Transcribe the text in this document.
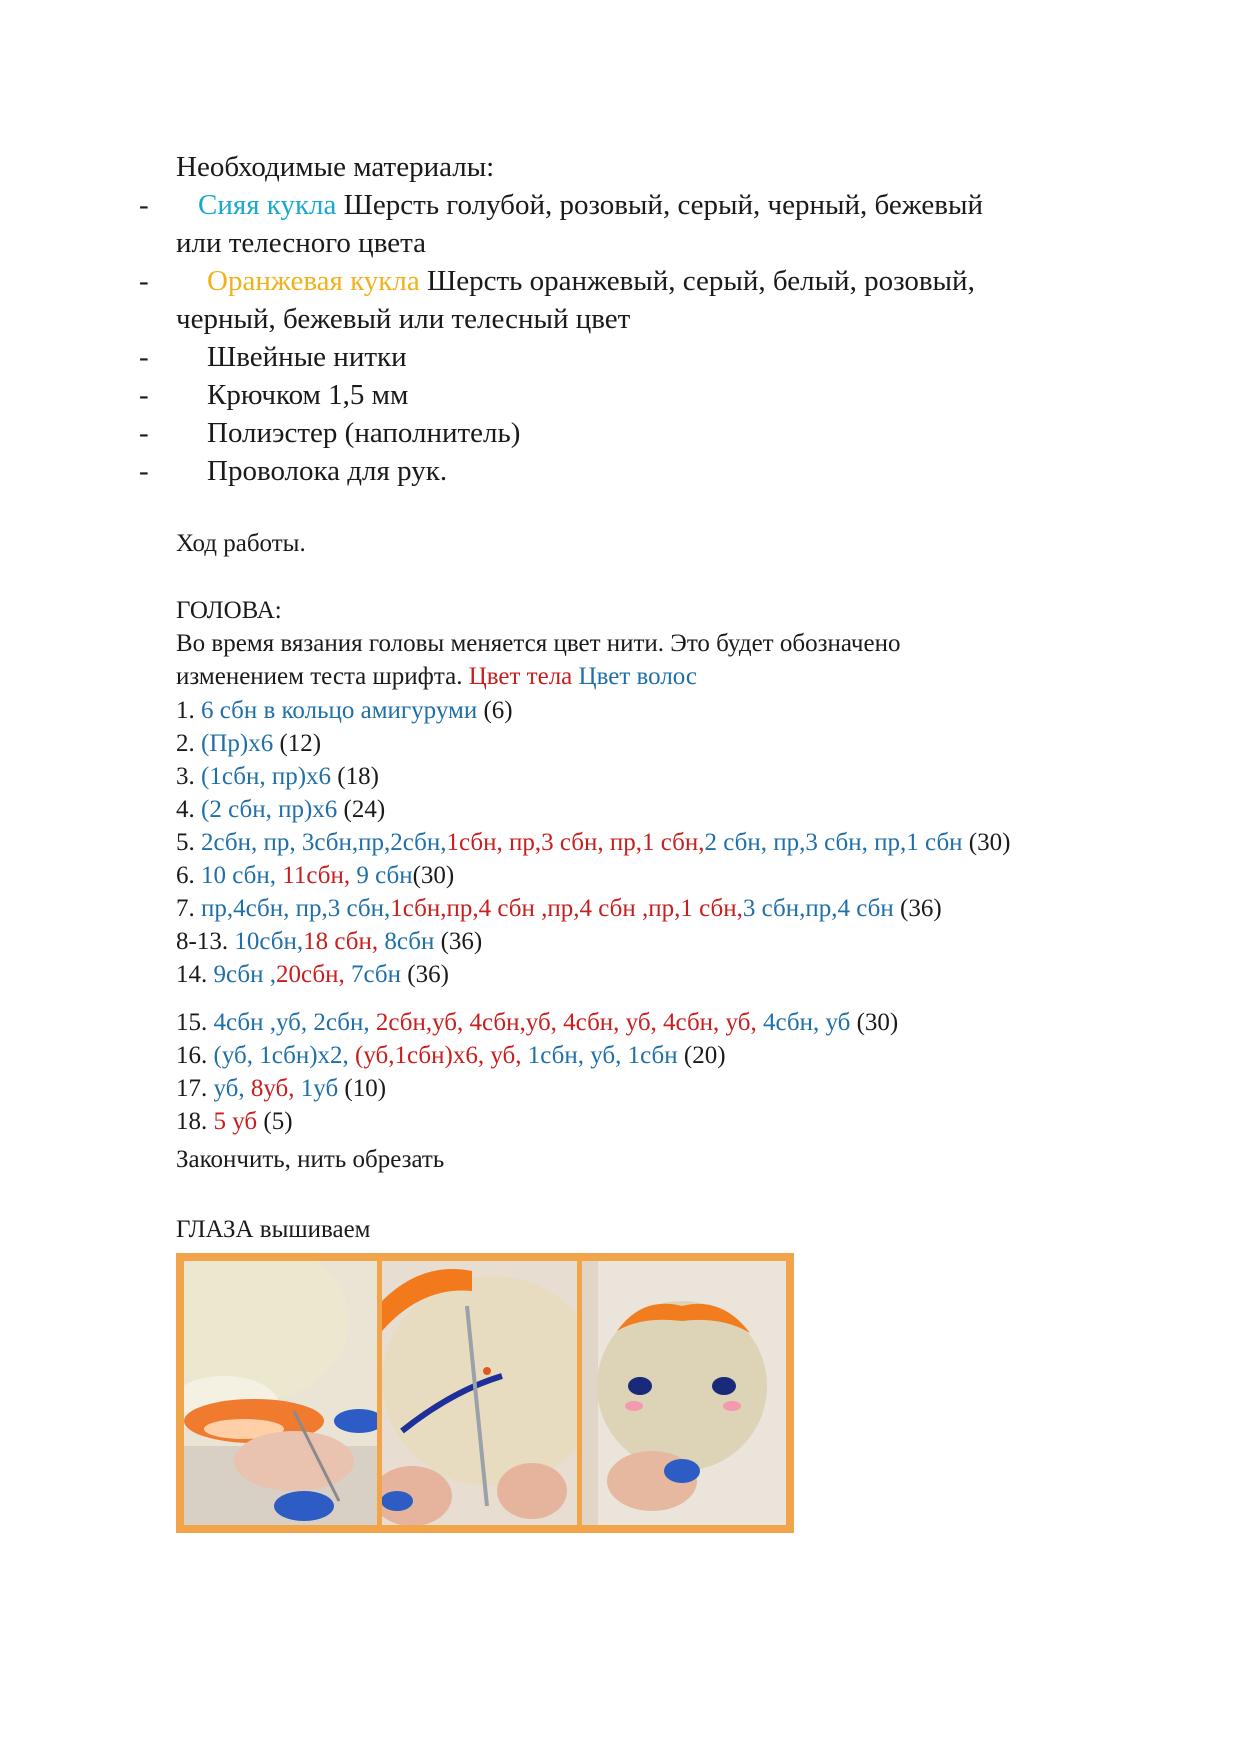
Необходимые материалы:
- Сияя кукла Шерсть голубой, розовый, серый, черный, бежевый
или телесного цвета
- Оранжевая кукла Шерсть оранжевый, серый, белый, розовый,
черный, бежевый или телесный цвет
- Швейные нитки
- Крючком 1,5 мм
- Полиэстер (наполнитель)
- Проволока для рук.
Ход работы.
ГОЛОВА:
Во время вязания головы меняется цвет нити. Это будет обозначено
изменением теста шрифта. Цвет тела Цвет волос
1. 6 сбн в кольцо амигуруми (6)
2. (Пр)х6 (12)
3. (1сбн, пр)х6 (18)
4. (2 сбн, пр)х6 (24)
5. 2сбн, пр, 3сбн,пр,2сбн,1сбн, пр,3 сбн, пр,1 сбн,2 сбн, пр,3 сбн, пр,1 сбн (30)
6. 10 сбн, 11сбн, 9 сбн(30)
7. пр,4сбн, пр,3 сбн,1сбн,пр,4 сбн ,пр,4 сбн ,пр,1 сбн,3 сбн,пр,4 сбн (36)
8-13. 10сбн,18 сбн, 8сбн (36)
14. 9сбн ,20сбн, 7сбн (36)
15. 4сбн ,уб, 2сбн, 2сбн,уб, 4сбн,уб, 4сбн, уб, 4сбн, уб, 4сбн, уб (30)
16. (уб, 1сбн)х2, (уб,1сбн)х6, уб, 1сбн, уб, 1сбн (20)
17. уб, 8уб, 1уб (10)
18. 5 уб (5)
Закончить, нить обрезать
ГЛАЗА вышиваем
